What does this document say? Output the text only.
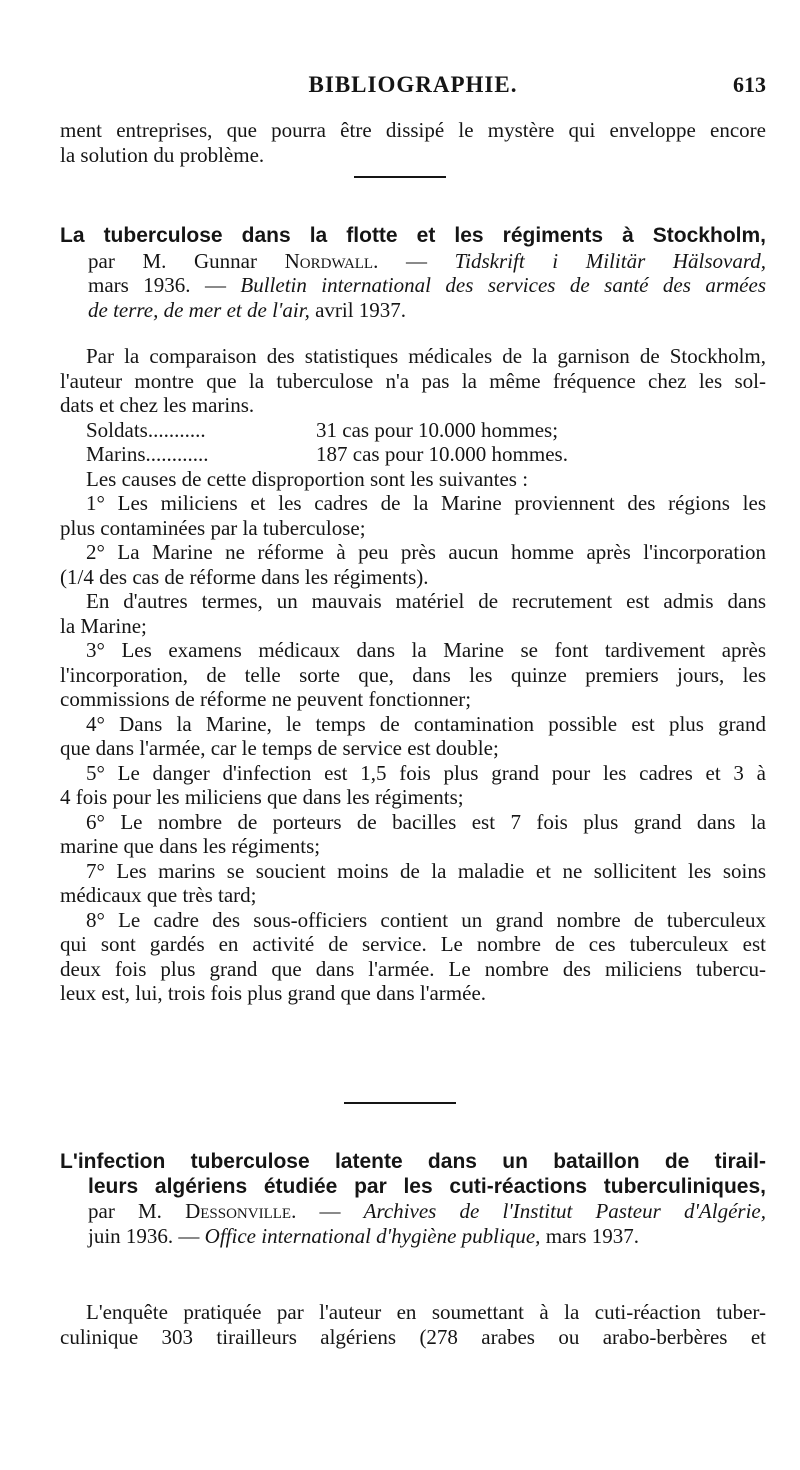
BIBLIOGRAPHIE.	613

ment entreprises, que pourra être dissipé le mystère qui enveloppe encore

la solution du problème.

La tuberculose dans la flotte et les régiments à Stockholm,

par M. Gunnar Nordwall. — Tidskrift i Militär Hälsovard,

mars 1936. — Bulletin international des services de santé des armées

de terre, de mer et de l'air, avril 1937.

Par la comparaison des statistiques médicales de la garnison de Stockholm,

l'auteur montre que la tuberculose n'a pas la même fréquence chez les sol-

dats et chez les marins.

Soldats...........	31 cas pour 10.000 hommes;
Marins............	187 cas pour 10.000 hommes.

Les causes de cette disproportion sont les suivantes :

1° Les miliciens et les cadres de la Marine proviennent des régions les

plus contaminées par la tuberculose;

2° La Marine ne réforme à peu près aucun homme après l'incorporation

(1/4 des cas de réforme dans les régiments).

En d'autres termes, un mauvais matériel de recrutement est admis dans

la Marine;

3° Les examens médicaux dans la Marine se font tardivement après

l'incorporation, de telle sorte que, dans les quinze premiers jours, les

commissions de réforme ne peuvent fonctionner;

4° Dans la Marine, le temps de contamination possible est plus grand

que dans l'armée, car le temps de service est double;

5° Le danger d'infection est 1,5 fois plus grand pour les cadres et 3 à

4 fois pour les miliciens que dans les régiments;

6° Le nombre de porteurs de bacilles est 7 fois plus grand dans la

marine que dans les régiments;

7° Les marins se soucient moins de la maladie et ne sollicitent les soins

médicaux que très tard;

8° Le cadre des sous-officiers contient un grand nombre de tuberculeux

qui sont gardés en activité de service. Le nombre de ces tuberculeux est

deux fois plus grand que dans l'armée. Le nombre des miliciens tubercu-

leux est, lui, trois fois plus grand que dans l'armée.

L'infection tuberculose latente dans un bataillon de tirail-

leurs algériens étudiée par les cuti-réactions tuberculiniques,

par M. Dessonville. — Archives de l'Institut Pasteur d'Algérie,

juin 1936. — Office international d'hygiène publique, mars 1937.

L'enquête pratiquée par l'auteur en soumettant à la cuti-réaction tuber-

culinique 303 tirailleurs algériens (278 arabes ou arabo-berbères et
